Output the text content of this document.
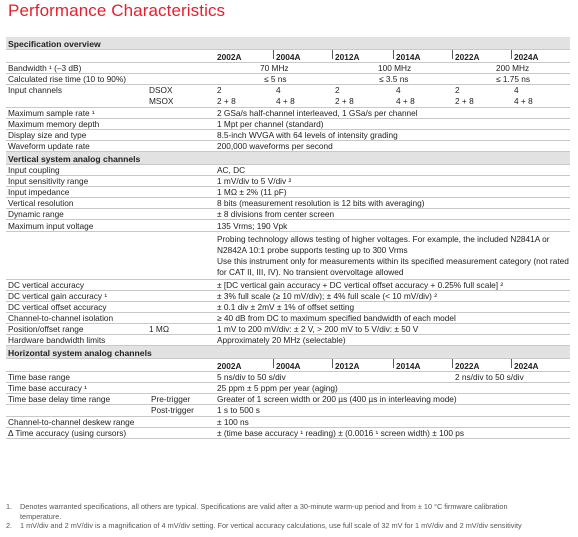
Performance Characteristics
Specification overview
2002A	2004A	2012A	2014A	2022A	2024A
Bandwidth ¹ (–3 dB)	70 MHz	100 MHz	200 MHz
Calculated rise time (10 to 90%)	≤ 5 ns	≤ 3.5 ns	≤ 1.75 ns
Input channels	DSOX	2	4	2	4	2	4
MSOX	2 + 8	4 + 8	2 + 8	4 + 8	2 + 8	4 + 8
Maximum sample rate ¹	2 GSa/s half-channel interleaved, 1 GSa/s per channel
Maximum memory depth	1 Mpt per channel (standard)
Display size and type	8.5-inch WVGA with 64 levels of intensity grading
Waveform update rate	200,000 waveforms per second
Vertical system analog channels
Input coupling	AC, DC
Input sensitivity range	1 mV/div to 5 V/div ²
Input impedance	1 MΩ ± 2% (11 pF)
Vertical resolution	8 bits (measurement resolution is 12 bits with averaging)
Dynamic range	± 8 divisions from center screen
Maximum input voltage	135 Vrms; 190 Vpk
Probing technology allows testing of higher voltages. For example, the included N2841A or
N2842A 10:1 probe supports testing up to 300 Vrms
Use this instrument only for measurements within its specified measurement category (not rated
for CAT II, III, IV). No transient overvoltage allowed
DC vertical accuracy	± [DC vertical gain accuracy + DC vertical offset accuracy + 0.25% full scale] ²
DC vertical gain accuracy ¹	± 3% full scale (≥ 10 mV/div); ± 4% full scale (< 10 mV/div) ²
DC vertical offset accuracy	± 0.1 div ± 2mV ± 1% of offset setting
Channel-to-channel isolation	≥ 40 dB from DC to maximum specified bandwidth of each model
Position/offset range	1 MΩ	1 mV to 200 mV/div: ± 2 V, > 200 mV to 5 V/div: ± 50 V
Hardware bandwidth limits	Approximately 20 MHz (selectable)
Horizontal system analog channels
2002A	2004A	2012A	2014A	2022A	2024A
Time base range	5 ns/div to 50 s/div	2 ns/div to 50 s/div
Time base accuracy ¹	25 ppm ± 5 ppm per year (aging)
Time base delay time range	Pre-trigger	Greater of 1 screen width or 200 µs (400 µs in interleaving mode)
Post-trigger	1 s to 500 s
Channel-to-channel deskew range	± 100 ns
Δ Time accuracy (using cursors)	± (time base accuracy ¹ reading) ± (0.0016 ¹ screen width) ± 100 ps
1. Denotes warranted specifications, all others are typical. Specifications are valid after a 30-minute warm-up period and from ± 10 °C firmware calibration
temperature.
2. 1 mV/div and 2 mV/div is a magnification of 4 mV/div setting. For vertical accuracy calculations, use full scale of 32 mV for 1 mV/div and 2 mV/div sensitivity
